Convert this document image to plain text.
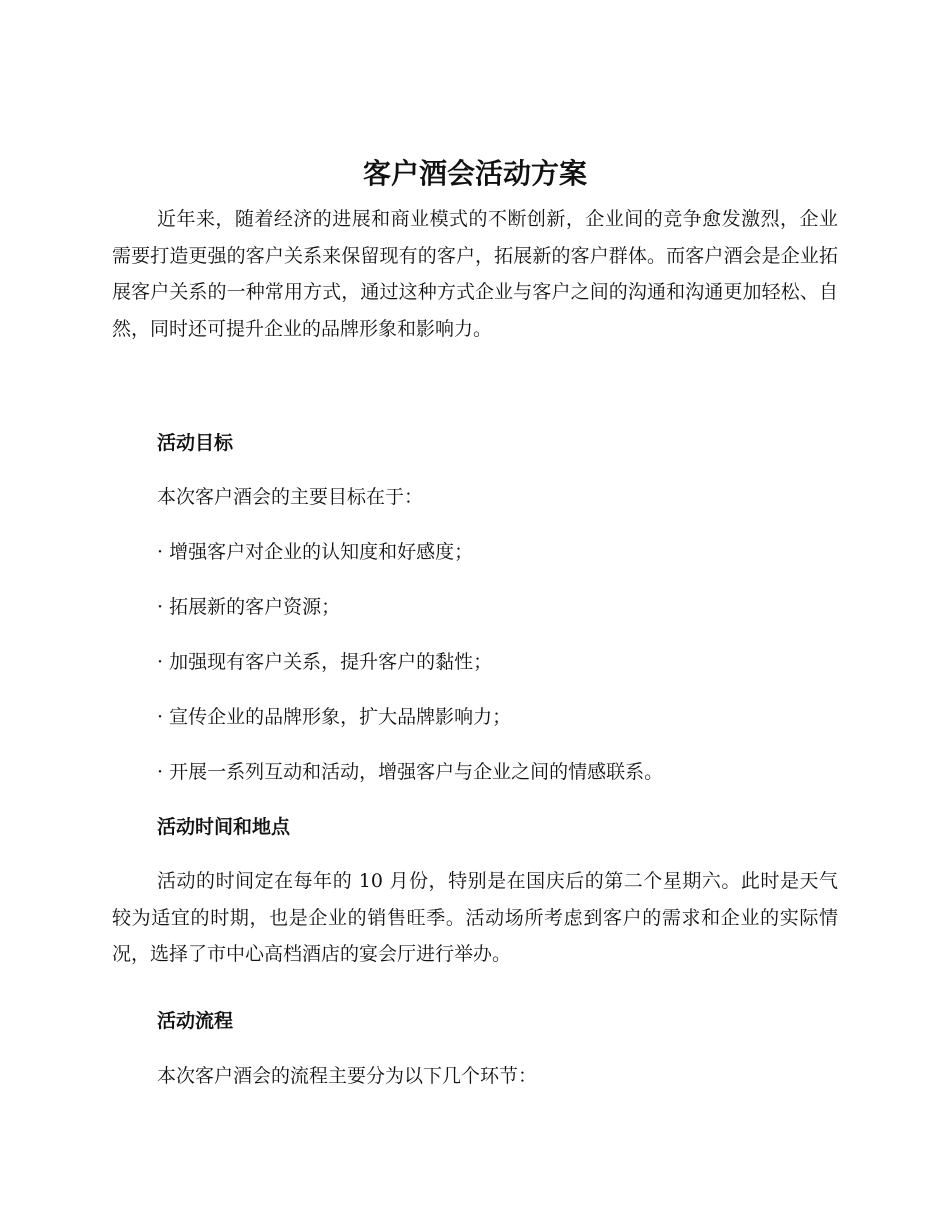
客户酒会活动方案

近年来，随着经济的进展和商业模式的不断创新，企业间的竞争愈发激烈，企业需要打造更强的客户关系来保留现有的客户，拓展新的客户群体。而客户酒会是企业拓展客户关系的一种常用方式，通过这种方式企业与客户之间的沟通和沟通更加轻松、自然，同时还可提升企业的品牌形象和影响力。

活动目标

本次客户酒会的主要目标在于：

· 增强客户对企业的认知度和好感度；

· 拓展新的客户资源；

· 加强现有客户关系，提升客户的黏性；

· 宣传企业的品牌形象，扩大品牌影响力；

· 开展一系列互动和活动，增强客户与企业之间的情感联系。

活动时间和地点

活动的时间定在每年的 10 月份，特别是在国庆后的第二个星期六。此时是天气较为适宜的时期，也是企业的销售旺季。活动场所考虑到客户的需求和企业的实际情况，选择了市中心高档酒店的宴会厅进行举办。

活动流程

本次客户酒会的流程主要分为以下几个环节：
